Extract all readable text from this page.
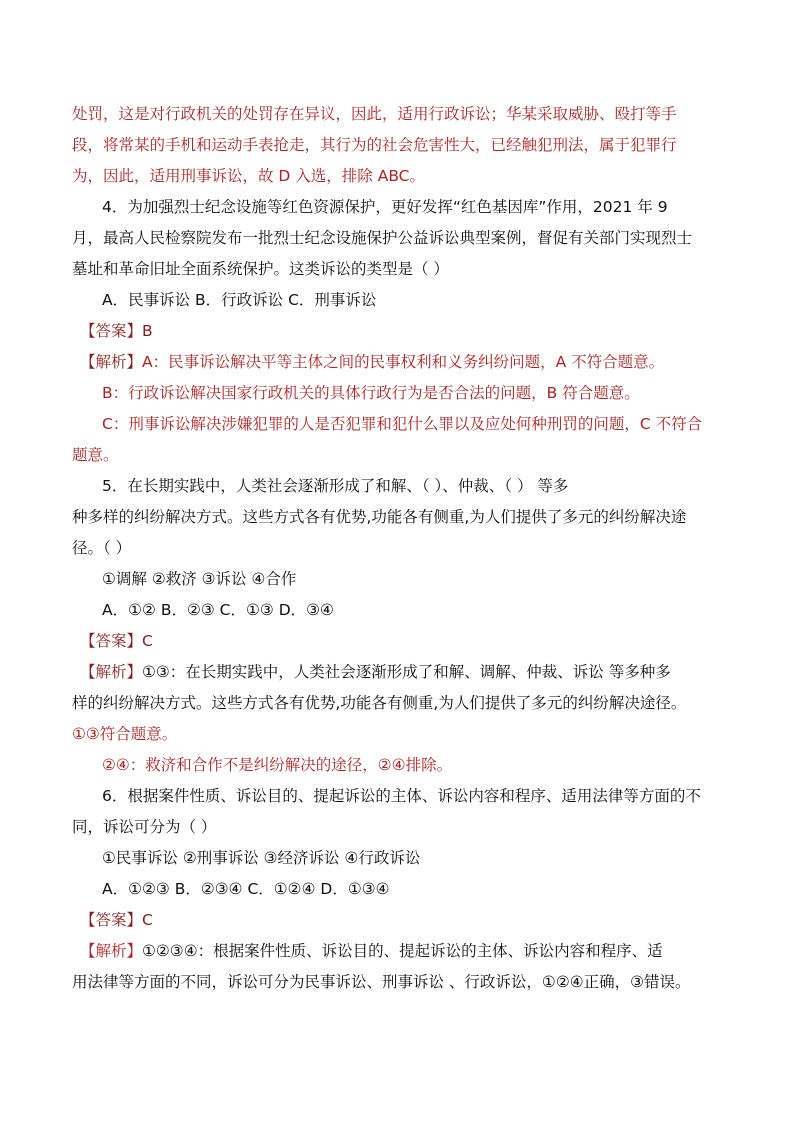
处罚，这是对行政机关的处罚存在异议，因此，适用行政诉讼；华某采取威胁、殴打等手
段，将常某的手机和运动手表抢走，其行为的社会危害性大，已经触犯刑法，属于犯罪行
为，因此，适用刑事诉讼，故 D 入选，排除 ABC。
4．为加强烈士纪念设施等红色资源保护，更好发挥“红色基因库”作用，2021 年 9
月，最高人民检察院发布一批烈士纪念设施保护公益诉讼典型案例，督促有关部门实现烈士
墓址和革命旧址全面系统保护。这类诉讼的类型是（ ）
A．民事诉讼 B．行政诉讼 C．刑事诉讼
【答案】B
【解析】A：民事诉讼解决平等主体之间的民事权利和义务纠纷问题，A 不符合题意。
B：行政诉讼解决国家行政机关的具体行政行为是否合法的问题，B 符合题意。
C：刑事诉讼解决涉嫌犯罪的人是否犯罪和犯什么罪以及应处何种刑罚的问题，C 不符合
题意。
5．在长期实践中，人类社会逐渐形成了和解、（ ）、仲裁、（ ） 等多
种多样的纠纷解决方式。这些方式各有优势,功能各有侧重,为人们提供了多元的纠纷解决途
径。（ ）
①调解 ②救济 ③诉讼 ④合作
A．①② B．②③ C．①③ D．③④
【答案】C
【解析】①③：在长期实践中，人类社会逐渐形成了和解、调解、仲裁、诉讼 等多种多
样的纠纷解决方式。这些方式各有优势,功能各有侧重,为人们提供了多元的纠纷解决途径。
①③符合题意。
②④：救济和合作不是纠纷解决的途径，②④排除。
6．根据案件性质、诉讼目的、提起诉讼的主体、诉讼内容和程序、适用法律等方面的不
同，诉讼可分为（ ）
①民事诉讼 ②刑事诉讼 ③经济诉讼 ④行政诉讼
A．①②③ B．②③④ C．①②④ D．①③④
【答案】C
【解析】①②③④：根据案件性质、诉讼目的、提起诉讼的主体、诉讼内容和程序、适
用法律等方面的不同，诉讼可分为民事诉讼、刑事诉讼 、行政诉讼，①②④正确，③错误。
